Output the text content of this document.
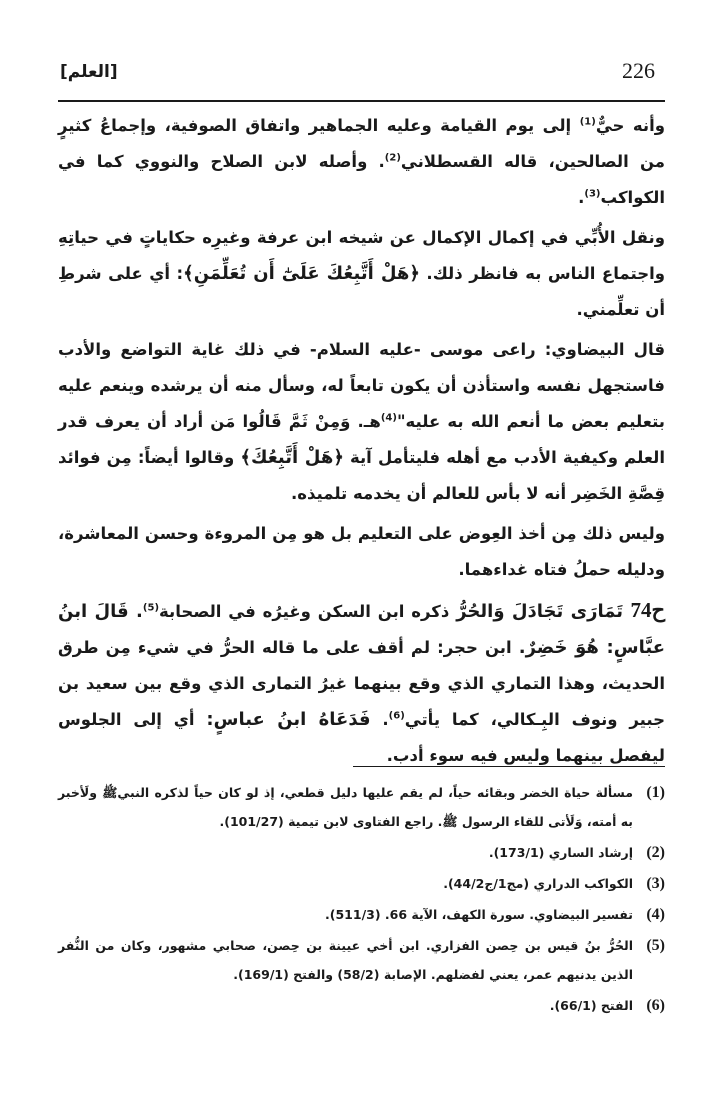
226
[العلم]

وأنه حيٌّ$^{(1)}$ إلى يوم القيامة وعليه الجماهير واتفاق الصوفية، وإجماعُ كثيرٍ من الصالحين، قاله القسطلاني$^{(2)}$. وأصله لابن الصلاح والنووي كما في الكواكب$^{(3)}$.

ونقل الأُبِّي في إكمال الإكمال عن شيخه ابن عرفة وغيرِه حكاياتٍ في حياتِهِ واجتماع الناس به فانظر ذلك. ﴿هَلْ أَتَّبِعُكَ عَلَىٰٓ أَن تُعَلِّمَنِ﴾: أي على شرطِ أن تعلِّمني.

قال البيضاوي: راعى موسى -عليه السلام- في ذلك غاية التواضع والأدب فاستجهل نفسه واستأذن أن يكون تابعاً له، وسأل منه أن يرشده وينعم عليه بتعليم بعض ما أنعم الله به عليه"$^{(4)}$هـ. وَمِنْ ثَمَّ قَالُوا مَن أراد أن يعرف قدر العلم وكيفية الأدب مع أهله فليتأمل آية ﴿هَلْ أَتَّبِعُكَ﴾ وقالوا أيضاً: مِن فوائد قِصَّةِ الخَضِر أنه لا بأس للعالم أن يخدمه تلميذه.

وليس ذلك مِن أخذ العِوض على التعليم بل هو مِن المروءة وحسن المعاشرة، ودليله حملُ فتاه غداءهما.

ح74 تَمَارَى تَجَادَلَ وَالحُرُّ ذكره ابن السكن وغيرُه في الصحابة$^{(5)}$. قَالَ ابنُ عبَّاسٍ: هُوَ خَضِرٌ. ابن حجر: لم أقف على ما قاله الحرُّ في شيء مِن طرق الحديث، وهذا التماري الذي وقع بينهما غيرُ التمارى الذي وقع بين سعيد بن جبير ونوف البِـكالي، كما يأتي$^{(6)}$. فَدَعَاهُ ابنُ عباسٍ: أي إلى الجلوس ليفصل بينهما وليس فيه سوء أدب.

(1)
مسألة حياة الخضر وبقائه حياً، لم يقم عليها دليل قطعي، إذ لو كان حياً لذكره النبيﷺ ولَأخبر به أمته، وَلَأتى للقاء الرسول ﷺ. راجع الفتاوى لابن تيمية (101/27).
(2)
إرشاد الساري (173/1).
(3)
الكواكب الدراري (مج1/ج44/2).
(4)
تفسير البيضاوي. سورة الكهف، الآية 66. (511/3).
(5)
الحُرُّ بنُ قيس بن حِصن الفزاري. ابن أخي عيينة بن حِصن، صحابي مشهور، وكان من النُّفر الذين يدنيهم عمر، يعني لفضلهم. الإصابة (58/2) والفتح (169/1).
(6)
الفتح (66/1).
